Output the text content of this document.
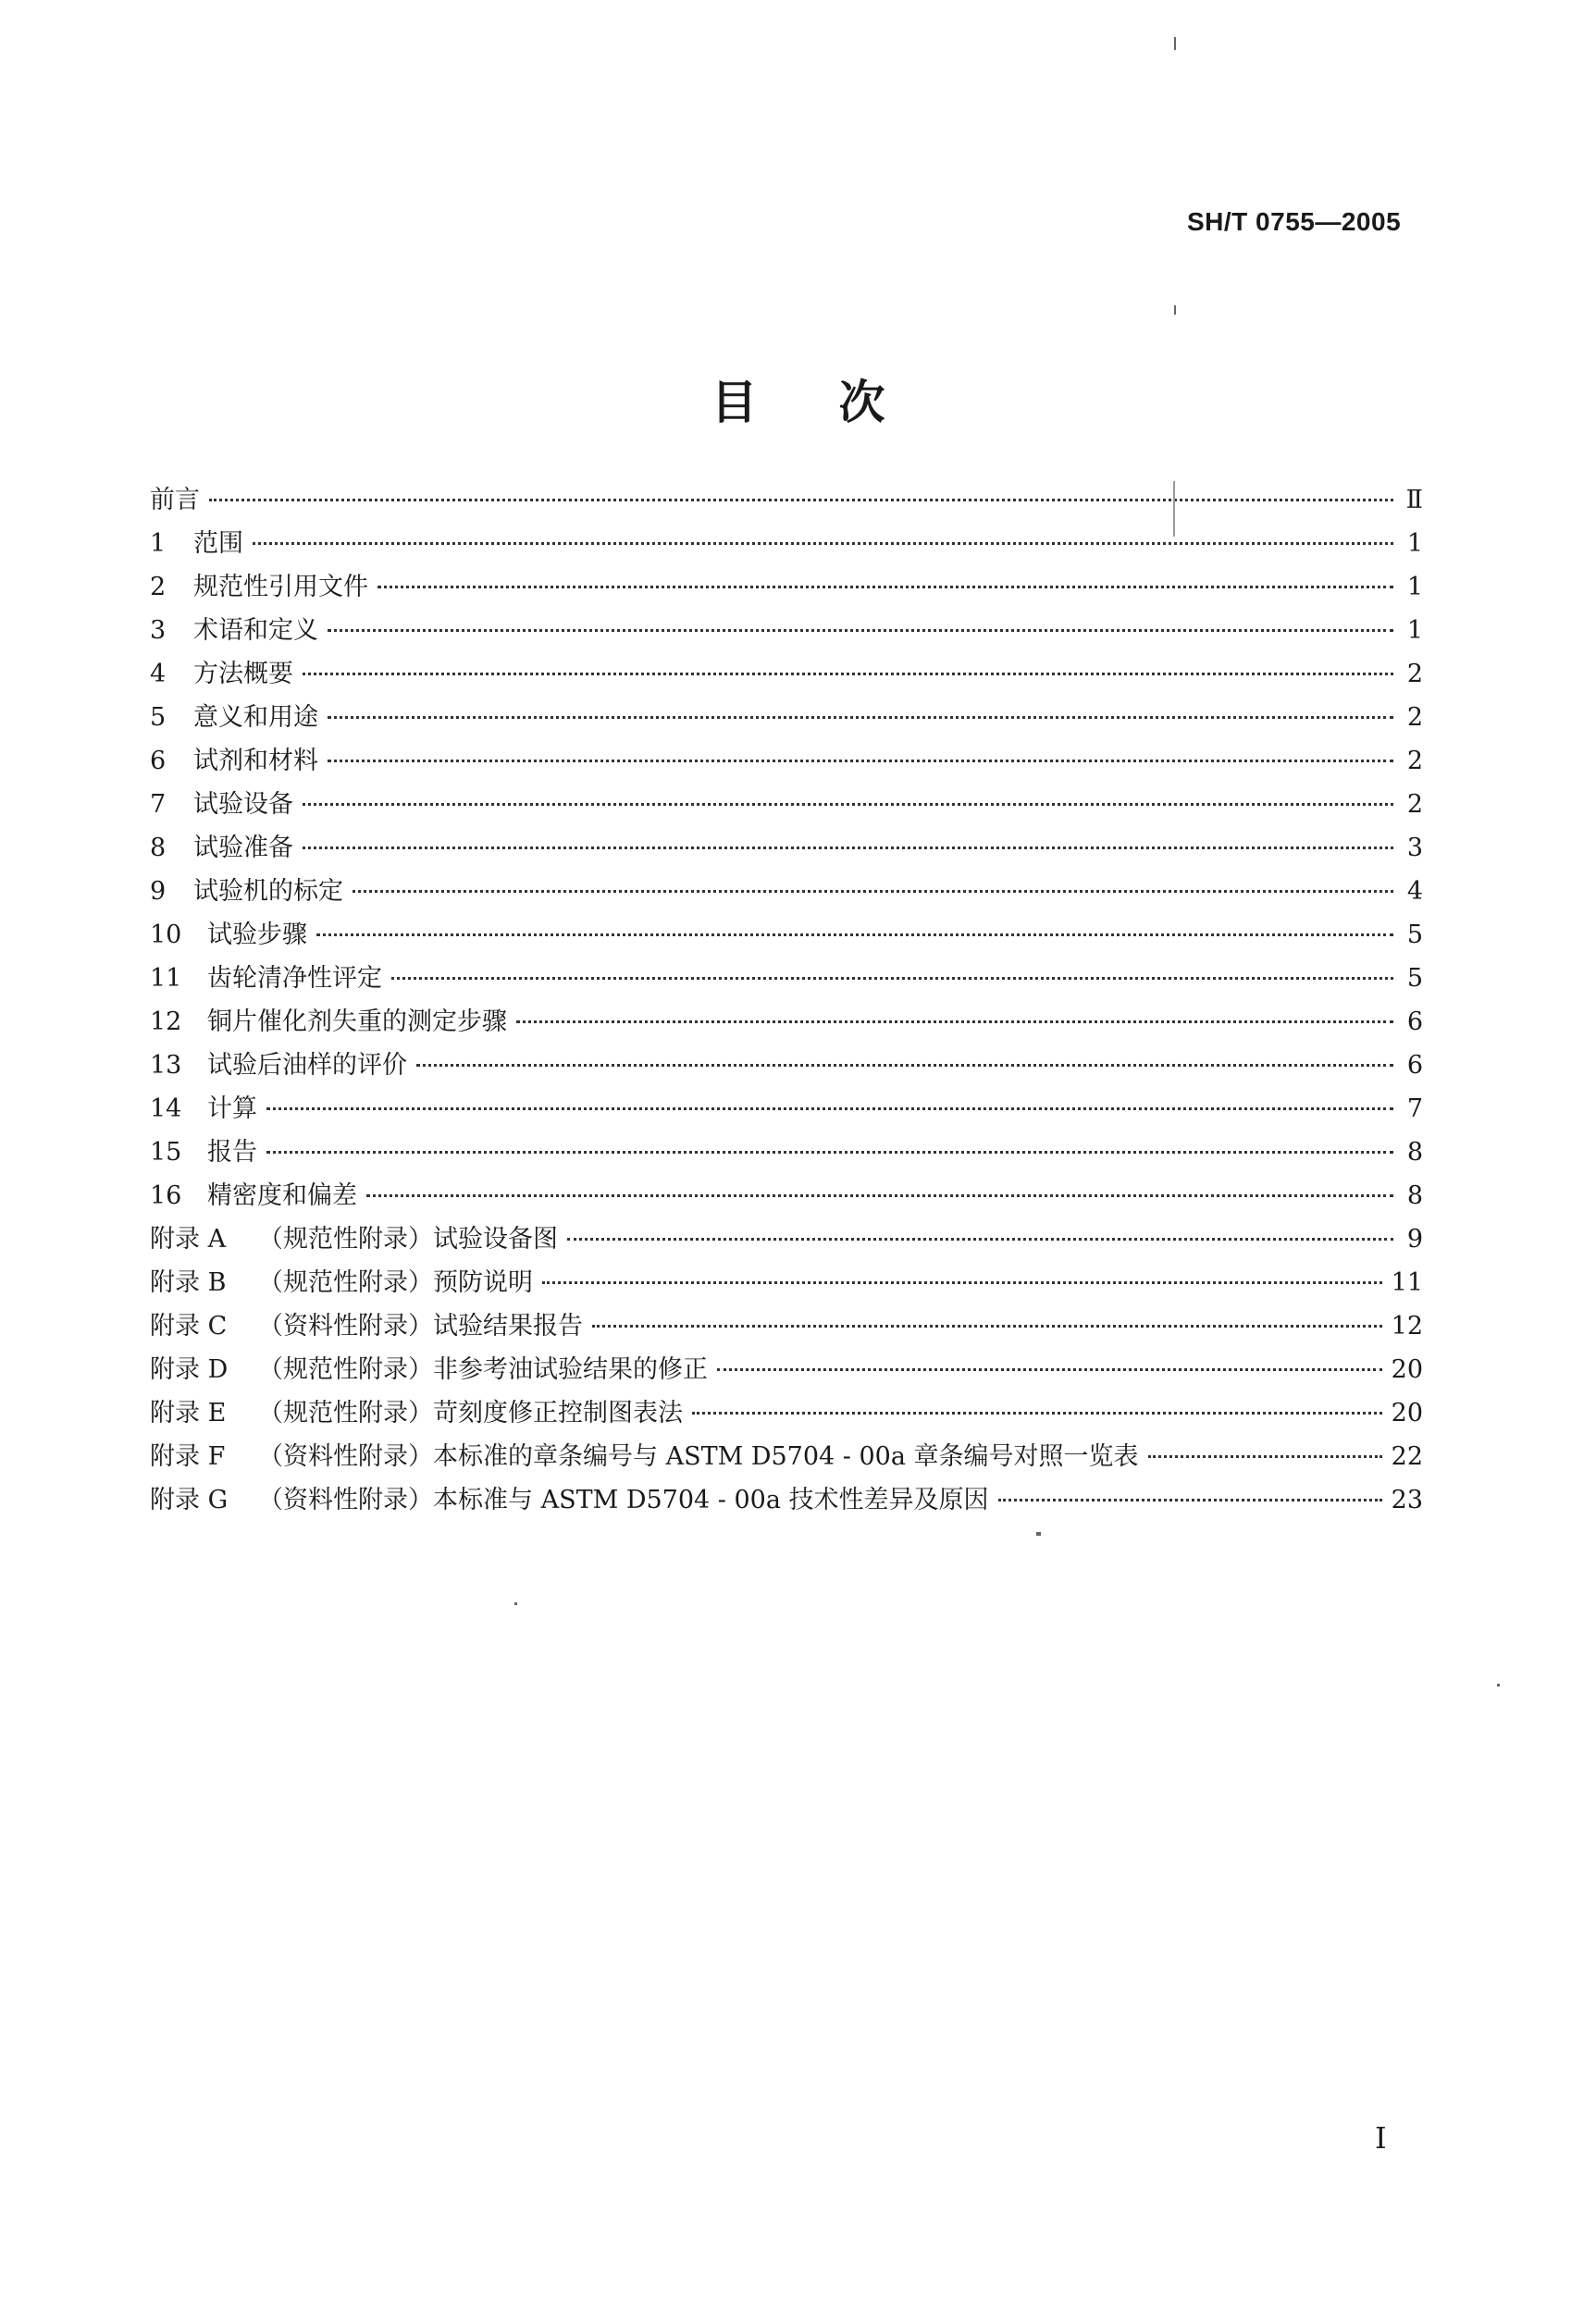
SH/T 0755—2005
目 次
前言	Ⅱ
1	范围	1
2	规范性引用文件	1
3	术语和定义	1
4	方法概要	2
5	意义和用途	2
6	试剂和材料	2
7	试验设备	2
8	试验准备	3
9	试验机的标定	4
10	试验步骤	5
11	齿轮清净性评定	5
12	铜片催化剂失重的测定步骤	6
13	试验后油样的评价	6
14	计算	7
15	报告	8
16	精密度和偏差	8
附录 A	（规范性附录）试验设备图	9
附录 B	（规范性附录）预防说明	11
附录 C	（资料性附录）试验结果报告	12
附录 D	（规范性附录）非参考油试验结果的修正	20
附录 E	（规范性附录）苛刻度修正控制图表法	20
附录 F	（资料性附录）本标准的章条编号与 ASTM D5704 - 00a 章条编号对照一览表	22
附录 G	（资料性附录）本标准与 ASTM D5704 - 00a 技术性差异及原因	23
I
